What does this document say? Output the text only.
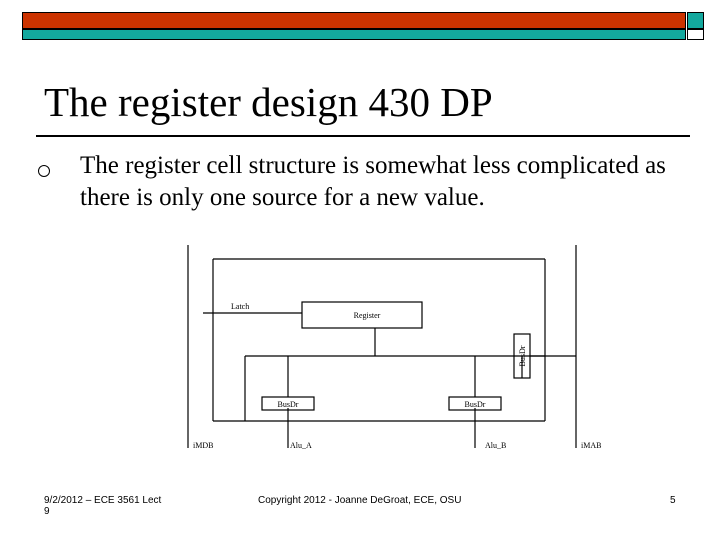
The register design 430 DP
The register cell structure is somewhat less complicated as there is only one source for a new value.
Latch
Register
BusDr
BusDr	BusDr
iMDB	Alu_A	Alu_B	iMAB
9/2/2012 – ECE 3561 Lect
9
Copyright 2012 - Joanne DeGroat, ECE, OSU	5
